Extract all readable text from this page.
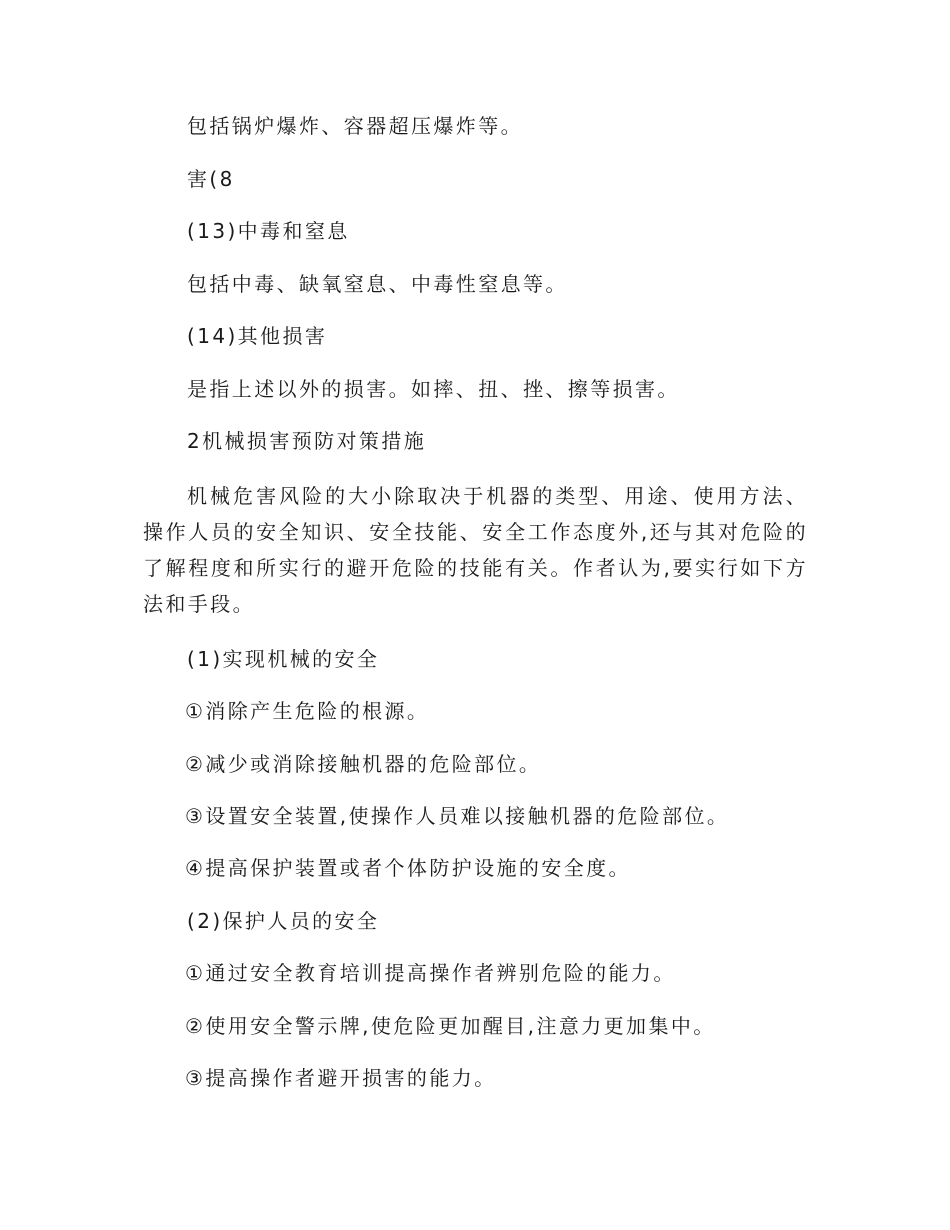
包括锅炉爆炸、容器超压爆炸等。
害(8
(13)中毒和窒息
包括中毒、缺氧窒息、中毒性窒息等。
(14)其他损害
是指上述以外的损害。如摔、扭、挫、擦等损害。
2机械损害预防对策措施
机械危害风险的大小除取决于机器的类型、用途、使用方法、操作人员的安全知识、安全技能、安全工作态度外,还与其对危险的了解程度和所实行的避开危险的技能有关。作者认为,要实行如下方法和手段。
(1)实现机械的安全
①消除产生危险的根源。
②减少或消除接触机器的危险部位。
③设置安全装置,使操作人员难以接触机器的危险部位。
④提高保护装置或者个体防护设施的安全度。
(2)保护人员的安全
①通过安全教育培训提高操作者辨别危险的能力。
②使用安全警示牌,使危险更加醒目,注意力更加集中。
③提高操作者避开损害的能力。
